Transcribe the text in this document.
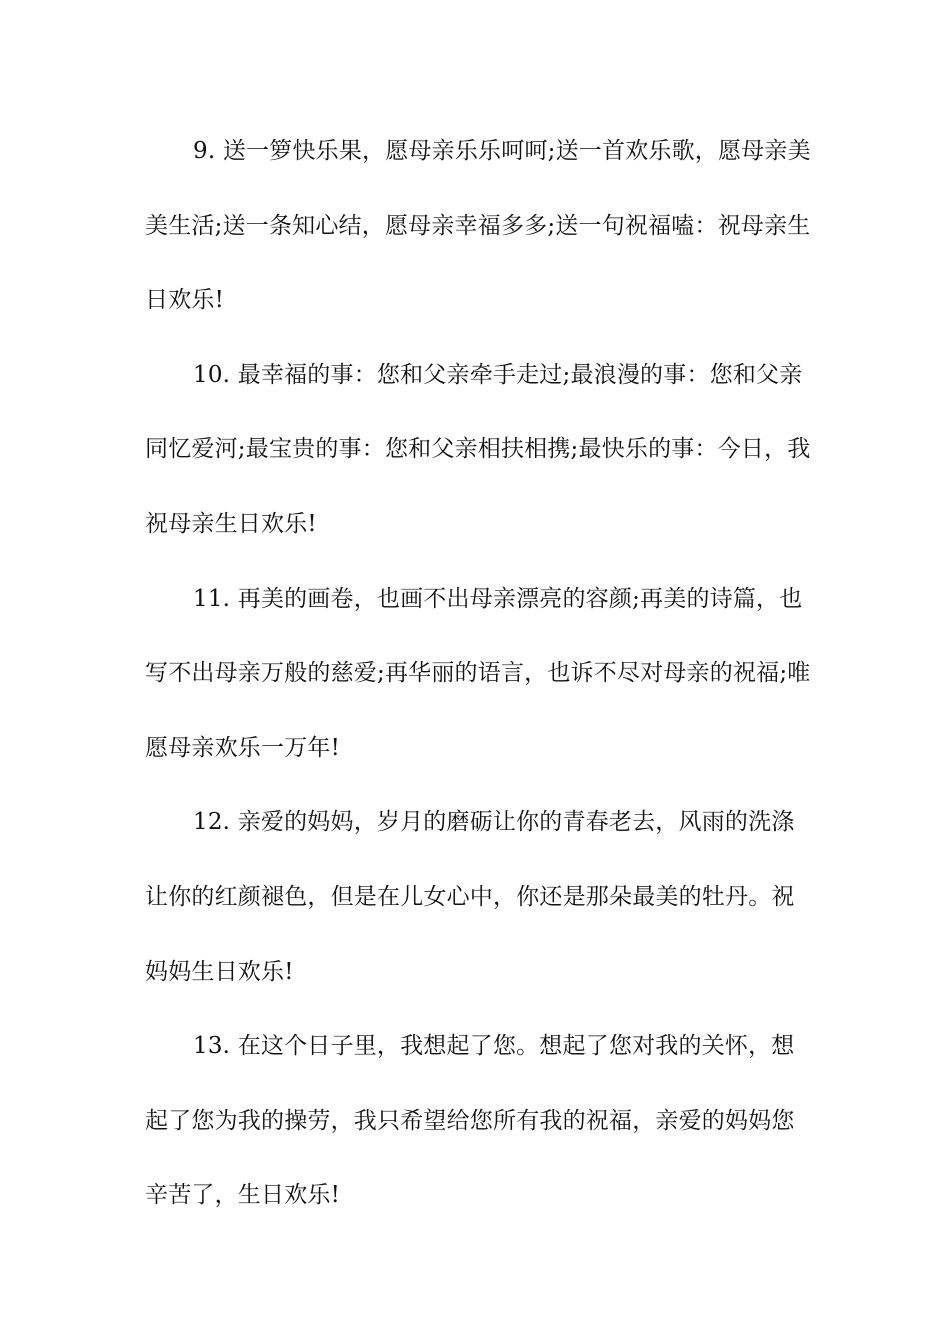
9. 送一箩快乐果，愿母亲乐乐呵呵;送一首欢乐歌，愿母亲美美生活;送一条知心结，愿母亲幸福多多;送一句祝福嗑：祝母亲生日欢乐!

10. 最幸福的事：您和父亲牵手走过;最浪漫的事：您和父亲同忆爱河;最宝贵的事：您和父亲相扶相携;最快乐的事：今日，我祝母亲生日欢乐!

11. 再美的画卷，也画不出母亲漂亮的容颜;再美的诗篇，也写不出母亲万般的慈爱;再华丽的语言，也诉不尽对母亲的祝福;唯愿母亲欢乐一万年!

12. 亲爱的妈妈，岁月的磨砺让你的青春老去，风雨的洗涤让你的红颜褪色，但是在儿女心中，你还是那朵最美的牡丹。祝妈妈生日欢乐!

13. 在这个日子里，我想起了您。想起了您对我的关怀，想起了您为我的操劳，我只希望给您所有我的祝福，亲爱的妈妈您辛苦了，生日欢乐!
